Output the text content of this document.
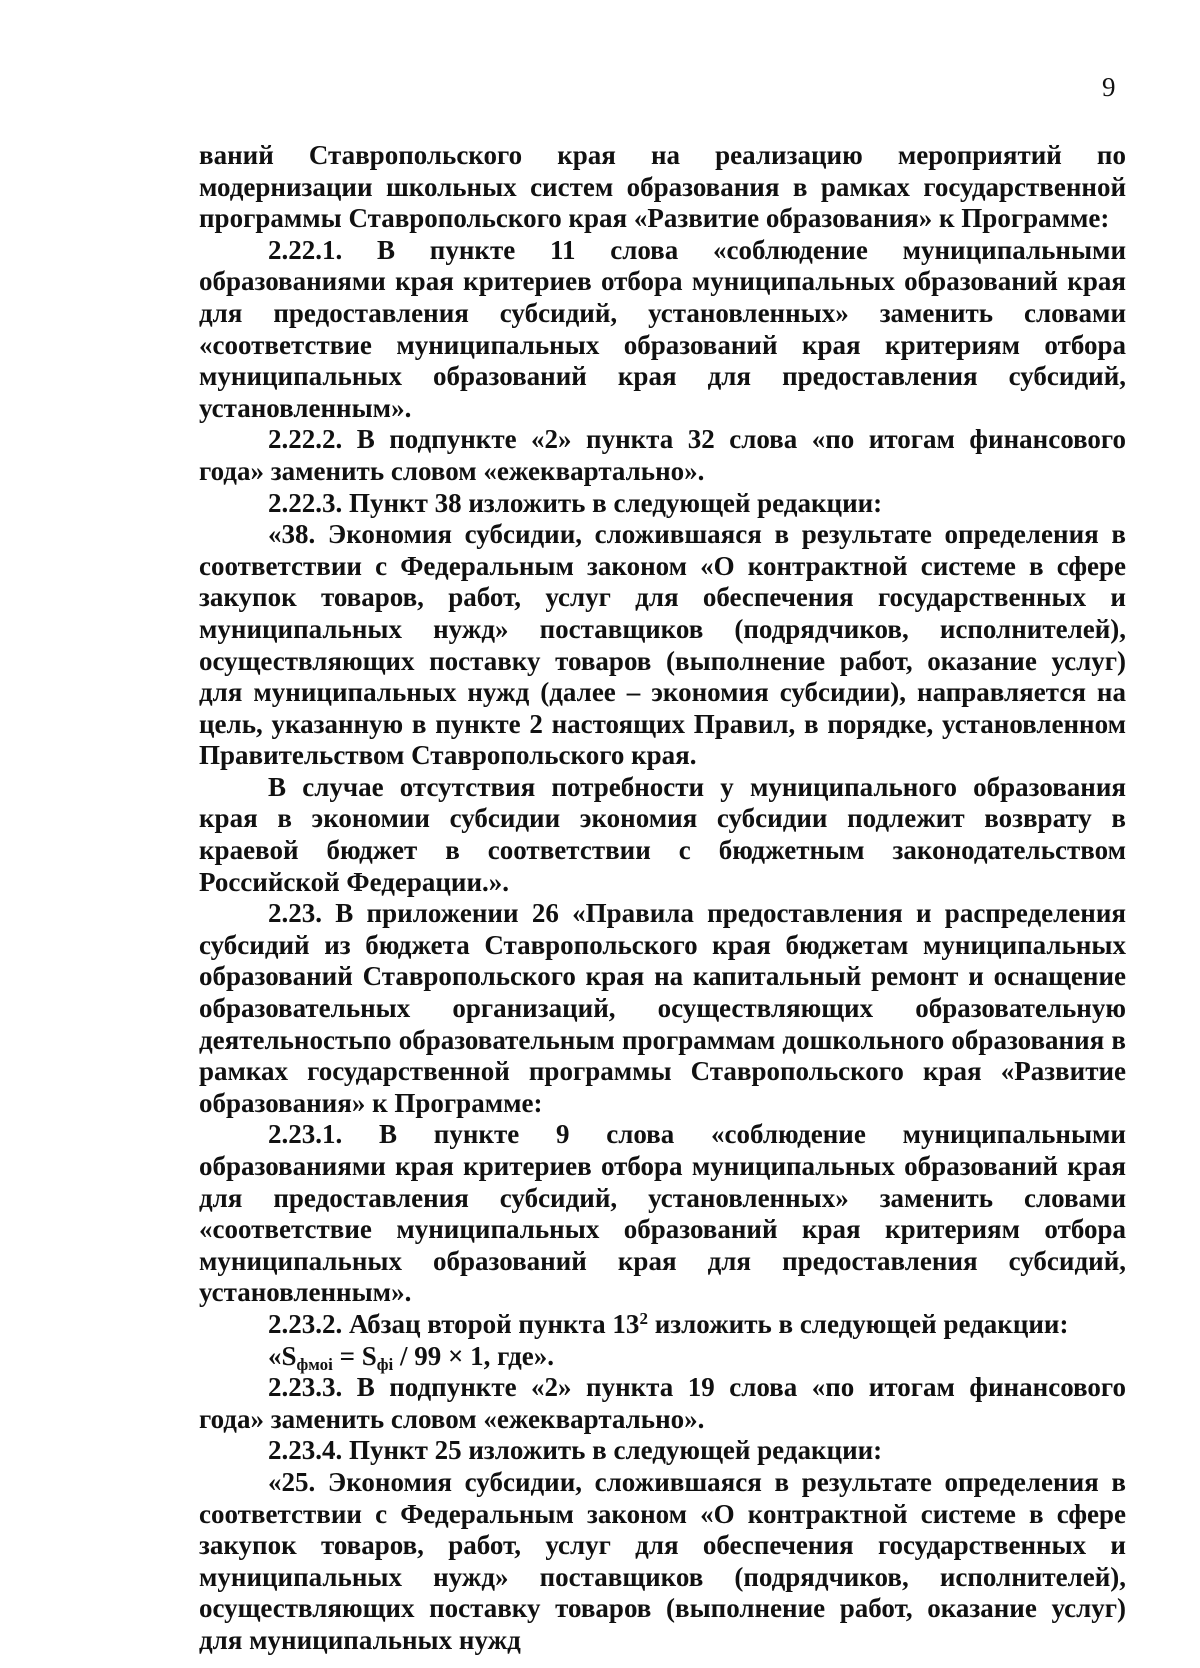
9

ваний Ставропольского края на реализацию мероприятий по модернизации школьных систем образования в рамках государственной программы Ставропольского края «Развитие образования» к Программе:

2.22.1. В пункте 11 слова «соблюдение муниципальными образованиями края критериев отбора муниципальных образований края для предоставления субсидий, установленных» заменить словами «соответствие муниципальных образований края критериям отбора муниципальных образований края для предоставления субсидий, установленным».

2.22.2. В подпункте «2» пункта 32 слова «по итогам финансового года» заменить словом «ежеквартально».

2.22.3. Пункт 38 изложить в следующей редакции:

«38. Экономия субсидии, сложившаяся в результате определения в соответствии с Федеральным законом «О контрактной системе в сфере закупок товаров, работ, услуг для обеспечения государственных и муниципальных нужд» поставщиков (подрядчиков, исполнителей), осуществляющих поставку товаров (выполнение работ, оказание услуг) для муниципальных нужд (далее – экономия субсидии), направляется на цель, указанную в пункте 2 настоящих Правил, в порядке, установленном Правительством Ставропольского края.

В случае отсутствия потребности у муниципального образования края в экономии субсидии экономия субсидии подлежит возврату в краевой бюджет в соответствии с бюджетным законодательством Российской Федерации.».

2.23. В приложении 26 «Правила предоставления и распределения субсидий из бюджета Ставропольского края бюджетам муниципальных образований Ставропольского края на капитальный ремонт и оснащение образовательных организаций, осуществляющих образовательную деятельностьпо образовательным программам дошкольного образования в рамках государственной программы Ставропольского края «Развитие образования» к Программе:

2.23.1. В пункте 9 слова «соблюдение муниципальными образованиями края критериев отбора муниципальных образований края для предоставления субсидий, установленных» заменить словами «соответствие муниципальных образований края критериям отбора муниципальных образований края для предоставления субсидий, установленным».

2.23.2. Абзац второй пункта $13^2$ изложить в следующей редакции:

«$S_{фмоi} = S_{фi} / 99 \times 1$, где».

2.23.3. В подпункте «2» пункта 19 слова «по итогам финансового года» заменить словом «ежеквартально».

2.23.4. Пункт 25 изложить в следующей редакции:

«25. Экономия субсидии, сложившаяся в результате определения в соответствии с Федеральным законом «О контрактной системе в сфере закупок товаров, работ, услуг для обеспечения государственных и муниципальных нужд» поставщиков (подрядчиков, исполнителей), осуществляющих поставку товаров (выполнение работ, оказание услуг) для муниципальных нужд
